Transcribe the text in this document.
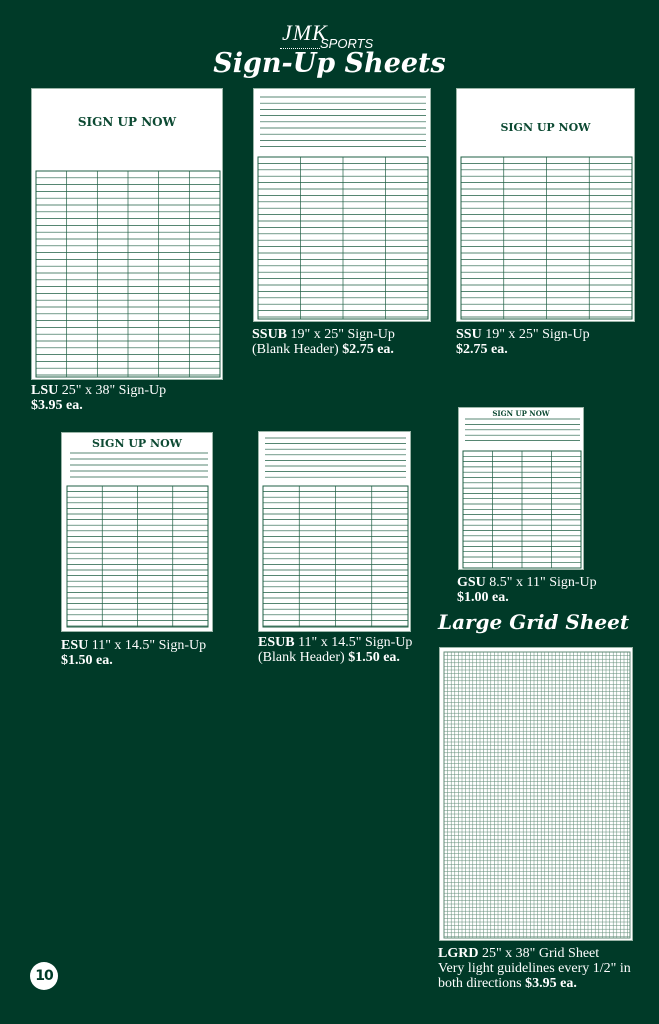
JMK
SPORTS
Sign-Up Sheets
SIGN UP NOW
LSU 25" x 38" Sign-Up
$3.95 ea.
SSUB 19" x 25" Sign-Up
(Blank Header) $2.75 ea.
SIGN UP NOW
SSU 19" x 25" Sign-Up
$2.75 ea.
SIGN UP NOW
ESU 11" x 14.5" Sign-Up
$1.50 ea.
ESUB 11" x 14.5" Sign-Up
(Blank Header) $1.50 ea.
SIGN UP NOW
GSU 8.5" x 11" Sign-Up
$1.00 ea.
Large Grid Sheet
LGRD 25" x 38" Grid Sheet
Very light guidelines every 1/2" in
both directions $3.95 ea.
10
